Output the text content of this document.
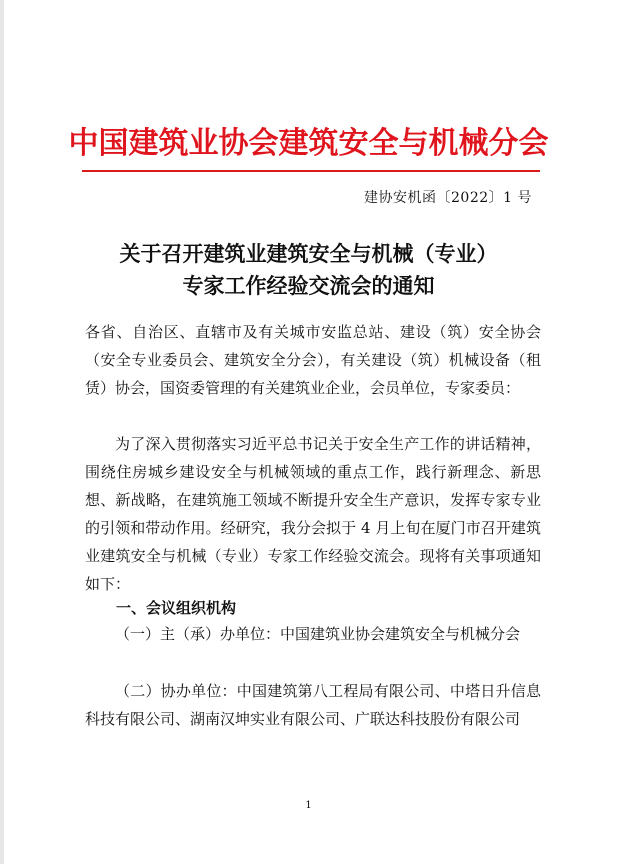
中国建筑业协会建筑安全与机械分会
建协安机函〔2022〕1 号
关于召开建筑业建筑安全与机械（专业）
专家工作经验交流会的通知
各省、自治区、直辖市及有关城市安监总站、建设（筑）安全协会（安全专业委员会、建筑安全分会），有关建设（筑）机械设备（租赁）协会，国资委管理的有关建筑业企业，会员单位，专家委员：
为了深入贯彻落实习近平总书记关于安全生产工作的讲话精神，围绕住房城乡建设安全与机械领域的重点工作，践行新理念、新思想、新战略，在建筑施工领域不断提升安全生产意识，发挥专家专业的引领和带动作用。经研究，我分会拟于 4 月上旬在厦门市召开建筑业建筑安全与机械（专业）专家工作经验交流会。现将有关事项通知如下：
一、会议组织机构
（一）主（承）办单位：中国建筑业协会建筑安全与机械分会
（二）协办单位：中国建筑第八工程局有限公司、中塔日升信息科技有限公司、湖南汉坤实业有限公司、广联达科技股份有限公司
1
